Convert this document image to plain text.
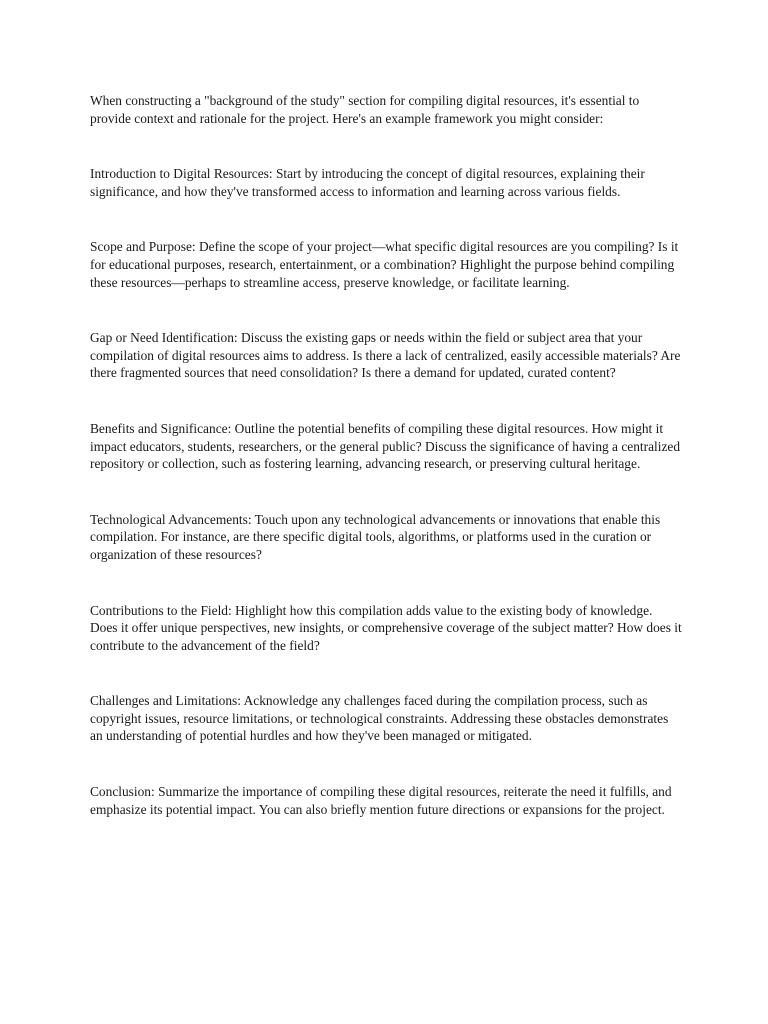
When constructing a "background of the study" section for compiling digital resources, it's essential to provide context and rationale for the project. Here's an example framework you might consider:

Introduction to Digital Resources: Start by introducing the concept of digital resources, explaining their significance, and how they've transformed access to information and learning across various fields.

Scope and Purpose: Define the scope of your project—what specific digital resources are you compiling? Is it for educational purposes, research, entertainment, or a combination? Highlight the purpose behind compiling these resources—perhaps to streamline access, preserve knowledge, or facilitate learning.

Gap or Need Identification: Discuss the existing gaps or needs within the field or subject area that your compilation of digital resources aims to address. Is there a lack of centralized, easily accessible materials? Are there fragmented sources that need consolidation? Is there a demand for updated, curated content?

Benefits and Significance: Outline the potential benefits of compiling these digital resources. How might it impact educators, students, researchers, or the general public? Discuss the significance of having a centralized repository or collection, such as fostering learning, advancing research, or preserving cultural heritage.

Technological Advancements: Touch upon any technological advancements or innovations that enable this compilation. For instance, are there specific digital tools, algorithms, or platforms used in the curation or organization of these resources?

Contributions to the Field: Highlight how this compilation adds value to the existing body of knowledge. Does it offer unique perspectives, new insights, or comprehensive coverage of the subject matter? How does it contribute to the advancement of the field?

Challenges and Limitations: Acknowledge any challenges faced during the compilation process, such as copyright issues, resource limitations, or technological constraints. Addressing these obstacles demonstrates an understanding of potential hurdles and how they've been managed or mitigated.

Conclusion: Summarize the importance of compiling these digital resources, reiterate the need it fulfills, and emphasize its potential impact. You can also briefly mention future directions or expansions for the project.
